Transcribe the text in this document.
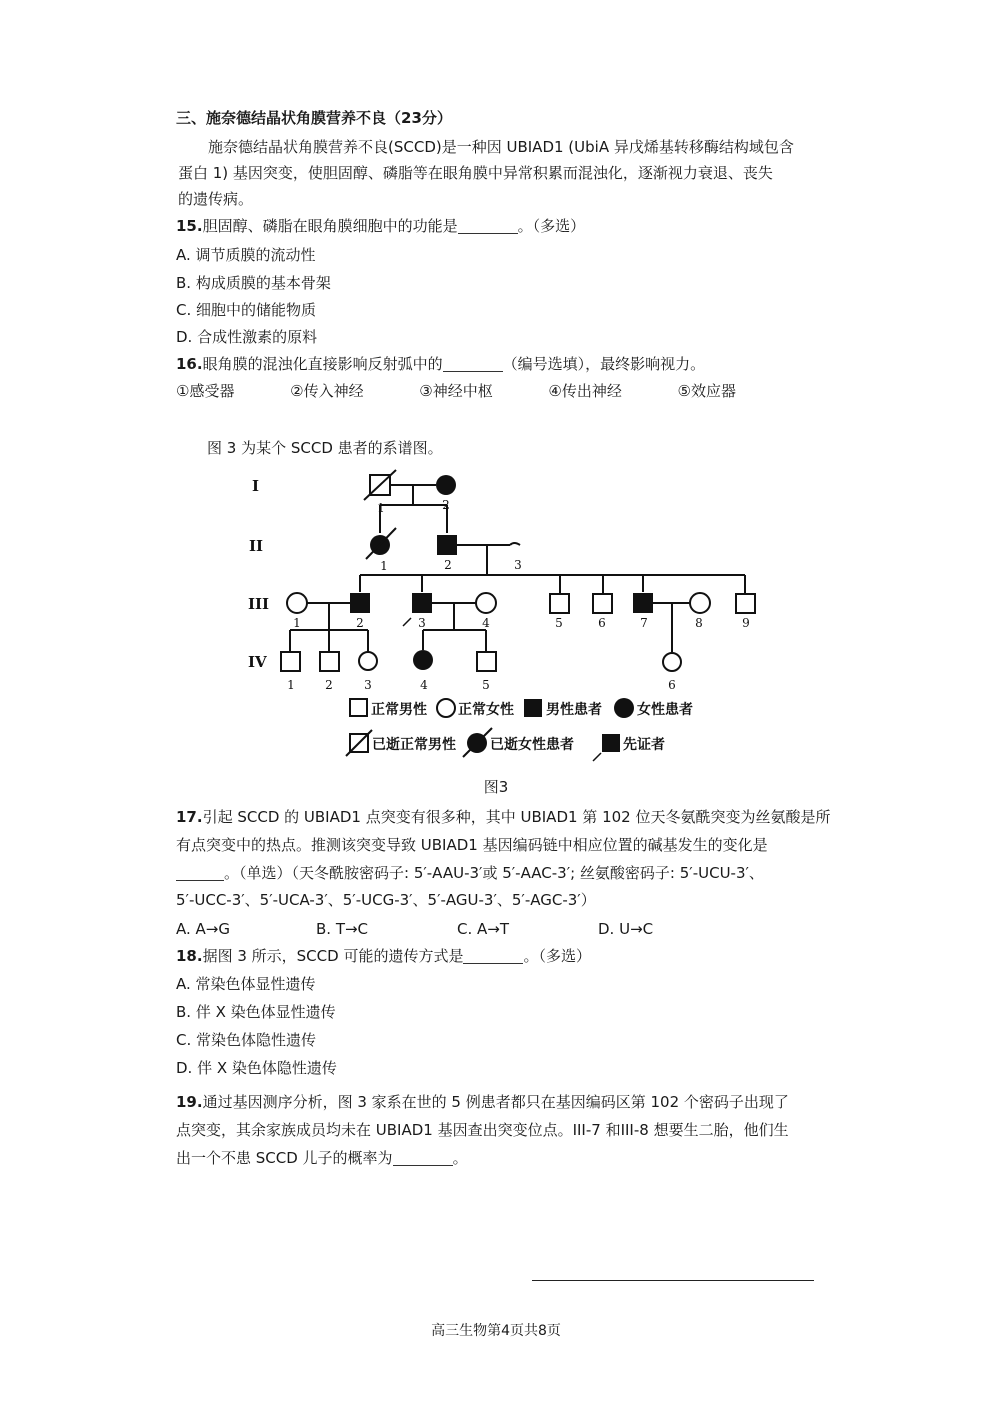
三、施奈德结晶状角膜营养不良（23分）
施奈德结晶状角膜营养不良(SCCD)是一种因 UBIAD1 (UbiA 异戊烯基转移酶结构域包含
蛋白 1) 基因突变，使胆固醇、磷脂等在眼角膜中异常积累而混浊化，逐渐视力衰退、丧失
的遗传病。
15.胆固醇、磷脂在眼角膜细胞中的功能是	。（多选）
A. 调节质膜的流动性
B. 构成质膜的基本骨架
C. 细胞中的储能物质
D. 合成性激素的原料
16.眼角膜的混浊化直接影响反射弧中的	（编号选填），最终影响视力。
①感受器	②传入神经	③神经中枢	④传出神经	⑤效应器
图 3 为某个 SCCD 患者的系谱图。
I
II
III
IV
1	2
1	2	3
1	2	3	4	5	6	7	8	9
1	2	3	4	5	6
正常男性 正常女性 男性患者	女性患者
已逝正常男性 已逝女性患者	先证者
图3
17.引起 SCCD 的 UBIAD1 点突变有很多种，其中 UBIAD1 第 102 位天冬氨酰突变为丝氨酸是所
有点突变中的热点。推测该突变导致 UBIAD1 基因编码链中相应位置的碱基发生的变化是
。（单选）（天冬酰胺密码子: 5′-AAU-3′或 5′-AAC-3′; 丝氨酸密码子: 5′-UCU-3′、
5′-UCC-3′、5′-UCA-3′、5′-UCG-3′、5′-AGU-3′、5′-AGC-3′）
A. A→G	B. T→C	C. A→T	D. U→C
18.据图 3 所示，SCCD 可能的遗传方式是	。（多选）
A. 常染色体显性遗传
B. 伴 X 染色体显性遗传
C. 常染色体隐性遗传
D. 伴 X 染色体隐性遗传
19.通过基因测序分析，图 3 家系在世的 5 例患者都只在基因编码区第 102 个密码子出现了
点突变，其余家族成员均未在 UBIAD1 基因查出突变位点。III-7 和III-8 想要生二胎，他们生
出一个不患 SCCD 儿子的概率为	。
高三生物第4页共8页
